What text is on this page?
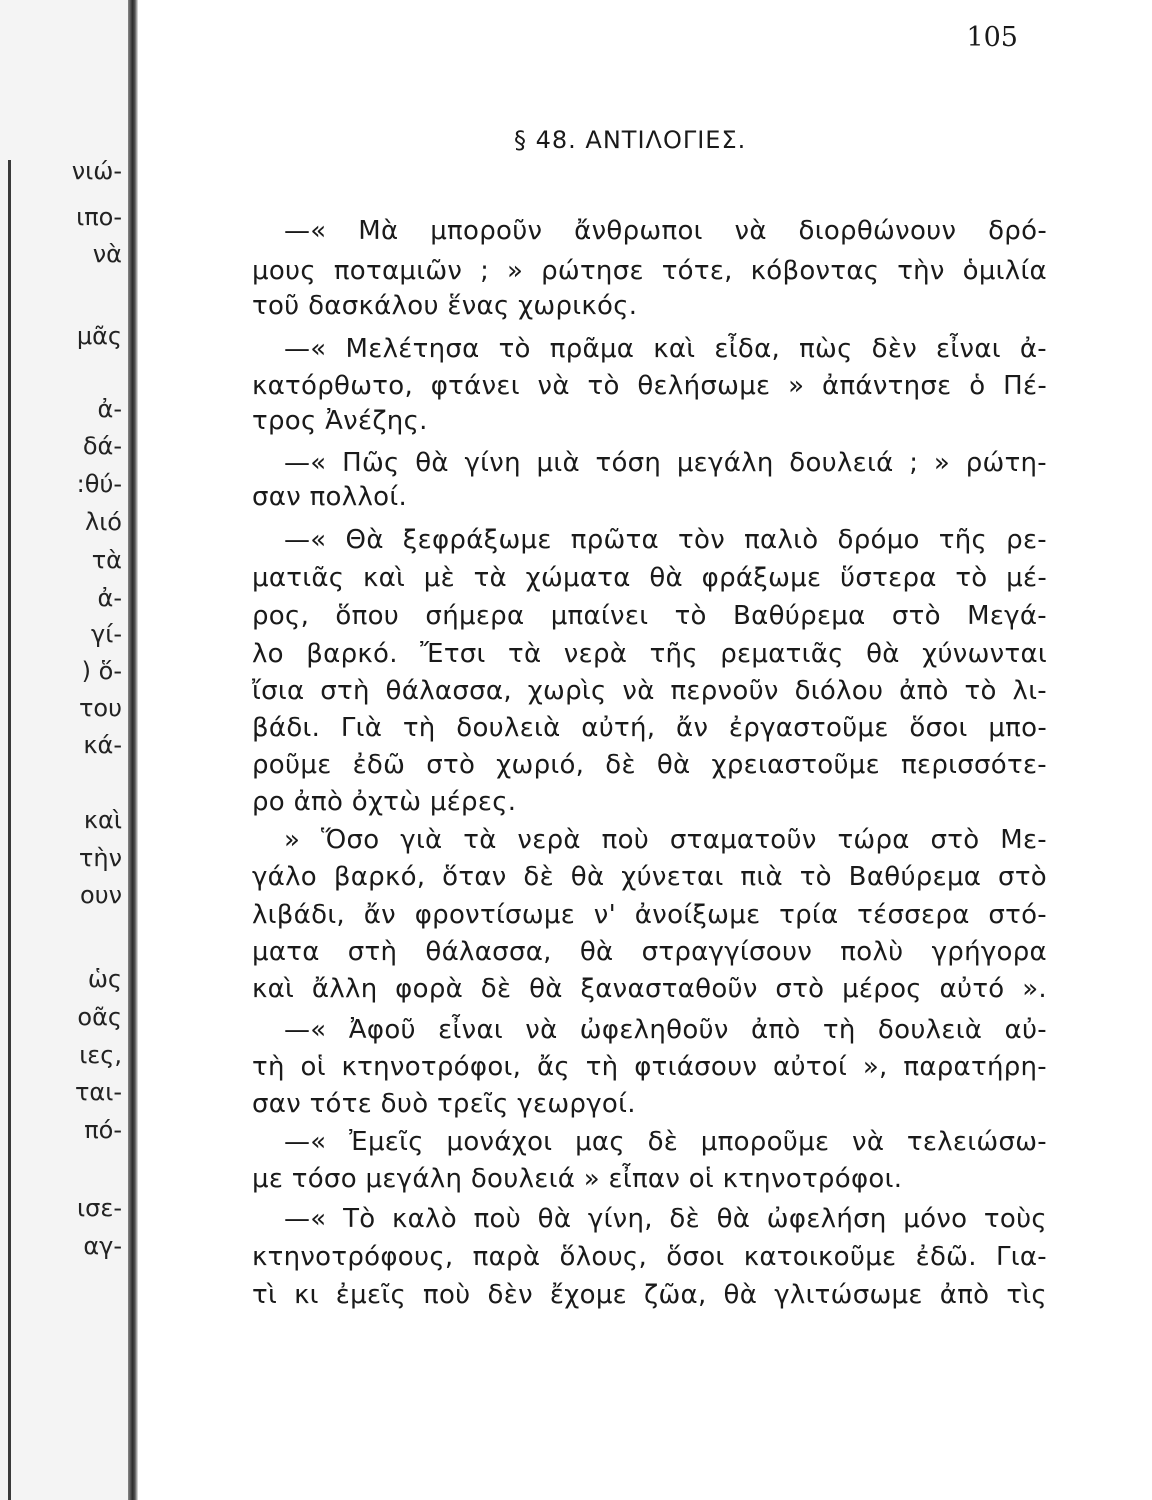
νιώ-
ιπο-
νὰ
μᾶς
ἀ-
δά-
:θύ-
λιό
τὰ
ἀ-
γί-
) ὅ-
του
κά-
καὶ
τὴν
ουν
ὡς
οᾶς
ιες,
ται-
πό-
ισε-
αγ-
105
§ 48. ΑΝΤΙΛΟΓΙΕΣ.
—« Μὰ μποροῦν ἄνθρωποι νὰ διορθώνουν δρό-
μους ποταμιῶν ; » ρώτησε τότε, κόβοντας τὴν ὁμιλία
τοῦ δασκάλου ἕνας χωρικός.
—« Μελέτησα τὸ πρᾶμα καὶ εἶδα, πὼς δὲν εἶναι ἀ-
κατόρθωτο, φτάνει νὰ τὸ θελήσωμε » ἀπάντησε ὁ Πέ-
τρος Ἀνέζης.
—« Πῶς θὰ γίνη μιὰ τόση μεγάλη δουλειά ; » ρώτη-
σαν πολλοί.
—« Θὰ ξεφράξωμε πρῶτα τὸν παλιὸ δρόμο τῆς ρε-
ματιᾶς καὶ μὲ τὰ χώματα θὰ φράξωμε ὕστερα τὸ μέ-
ρος, ὅπου σήμερα μπαίνει τὸ Βαθύρεμα στὸ Μεγά-
λο βαρκό. Ἔτσι τὰ νερὰ τῆς ρεματιᾶς θὰ χύνωνται
ἴσια στὴ θάλασσα, χωρὶς νὰ περνοῦν διόλου ἀπὸ τὸ λι-
βάδι. Γιὰ τὴ δουλειὰ αὐτή, ἄν ἐργαστοῦμε ὅσοι μπο-
ροῦμε ἐδῶ στὸ χωριό, δὲ θὰ χρειαστοῦμε περισσότε-
ρο ἀπὸ ὀχτὼ μέρες.
» Ὅσο γιὰ τὰ νερὰ ποὺ σταματοῦν τώρα στὸ Με-
γάλο βαρκό, ὅταν δὲ θὰ χύνεται πιὰ τὸ Βαθύρεμα στὸ
λιβάδι, ἄν φροντίσωμε ν' ἀνοίξωμε τρία τέσσερα στό-
ματα στὴ θάλασσα, θὰ στραγγίσουν πολὺ γρήγορα
καὶ ἄλλη φορὰ δὲ θὰ ξανασταθοῦν στὸ μέρος αὐτό ».
—« Ἀφοῦ εἶναι νὰ ὠφεληθοῦν ἀπὸ τὴ δουλειὰ αὐ-
τὴ οἱ κτηνοτρόφοι, ἄς τὴ φτιάσουν αὐτοί », παρατήρη-
σαν τότε δυὸ τρεῖς γεωργοί.
—« Ἐμεῖς μονάχοι μας δὲ μποροῦμε νὰ τελειώσω-
με τόσο μεγάλη δουλειά » εἶπαν οἱ κτηνοτρόφοι.
—« Τὸ καλὸ ποὺ θὰ γίνη, δὲ θὰ ὠφελήση μόνο τοὺς
κτηνοτρόφους, παρὰ ὅλους, ὅσοι κατοικοῦμε ἐδῶ. Για-
τὶ κι ἐμεῖς ποὺ δὲν ἔχομε ζῶα, θὰ γλιτώσωμε ἀπὸ τὶς
